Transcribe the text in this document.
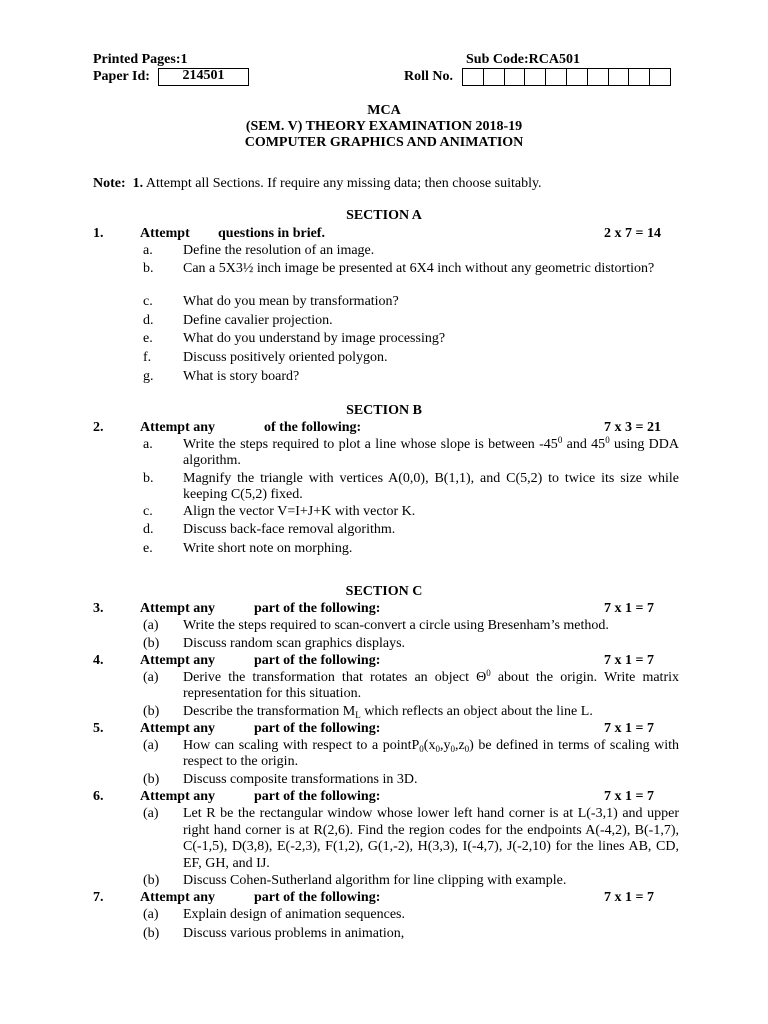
Printed Pages:1	Sub Code:RCA501
Paper Id:	214501	Roll No.
MCA
(SEM. V) THEORY EXAMINATION 2018-19
COMPUTER GRAPHICS AND ANIMATION
Note: 1. Attempt all Sections. If require any missing data; then choose suitably.
SECTION A
1.	Attempt questions in brief.	2 x 7 = 14
a. Define the resolution of an image.
b. Can a 5X3½ inch image be presented at 6X4 inch without any geometric distortion?
c. What do you mean by transformation?
d. Define cavalier projection.
e. What do you understand by image processing?
f. Discuss positively oriented polygon.
g. What is story board?
SECTION B
2.	Attempt any	of the following:	7 x 3 = 21
a. Write the steps required to plot a line whose slope is between $-45^0$ and $45^0$ using DDA algorithm.
b. Magnify the triangle with vertices A(0,0), B(1,1), and C(5,2) to twice its size while keeping C(5,2) fixed.
c. Align the vector V=I+J+K with vector K.
d. Discuss back-face removal algorithm.
e. Write short note on morphing.
SECTION C
3.	Attempt any	part of the following:	7 x 1 = 7
(a) Write the steps required to scan-convert a circle using Bresenham’s method.
(b) Discuss random scan graphics displays.
4.	Attempt any	part of the following:	7 x 1 = 7
(a) Derive the transformation that rotates an object $\Theta^0$ about the origin. Write matrix representation for this situation.
(b) Describe the transformation $M_L$ which reflects an object about the line L.
5.	Attempt any	part of the following:	7 x 1 = 7
(a) How can scaling with respect to a $pointP_0(x_0,y_0,z_0)$ be defined in terms of scaling with respect to the origin.
(b) Discuss composite transformations in 3D.
6.	Attempt any	part of the following:	7 x 1 = 7
(a) Let R be the rectangular window whose lower left hand corner is at L(-3,1) and upper right hand corner is at R(2,6). Find the region codes for the endpoints A(-4,2), B(-1,7), C(-1,5), D(3,8), E(-2,3), F(1,2), G(1,-2), H(3,3), I(-4,7), J(-2,10) for the lines AB, CD, EF, GH, and IJ.
(b) Discuss Cohen-Sutherland algorithm for line clipping with example.
7.	Attempt any	part of the following:	7 x 1 = 7
(a) Explain design of animation sequences.
(b) Discuss various problems in animation,
